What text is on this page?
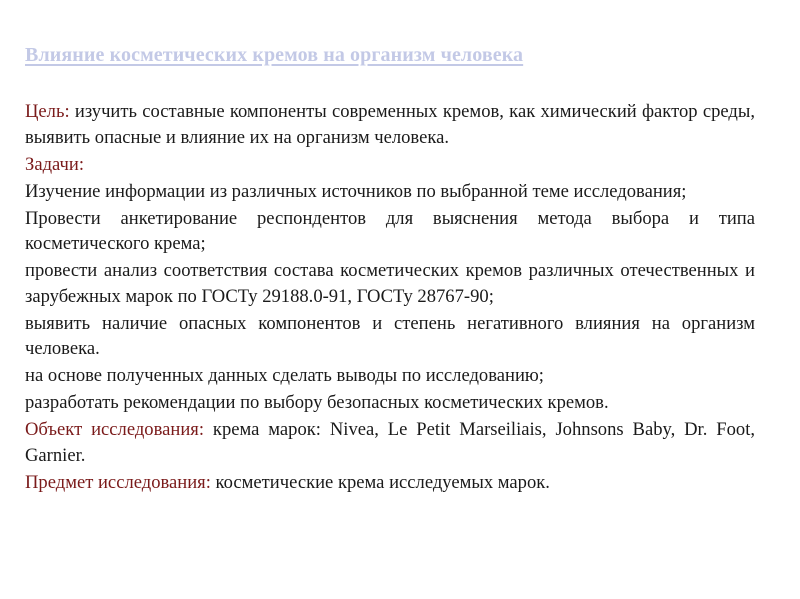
Влияние косметических кремов на организм человека

Цель: изучить составные компоненты современных кремов, как химический фактор среды, выявить опасные и влияние их на организм человека.

Задачи:

Изучение информации из различных источников по выбранной теме исследования;

Провести анкетирование респондентов для выяснения метода выбора и типа косметического крема;

провести анализ соответствия состава косметических кремов различных отечественных и зарубежных марок по ГОСТу 29188.0-91, ГОСТу 28767-90;

выявить наличие опасных компонентов и степень негативного влияния на организм человека.

на основе полученных данных сделать выводы по исследованию;

разработать рекомендации по выбору безопасных косметических кремов.

Объект исследования: крема марок: Nivea, Le Petit Marseiliais, Johnsons Baby, Dr. Foot, Garnier.

Предмет исследования: косметические крема исследуемых марок.
